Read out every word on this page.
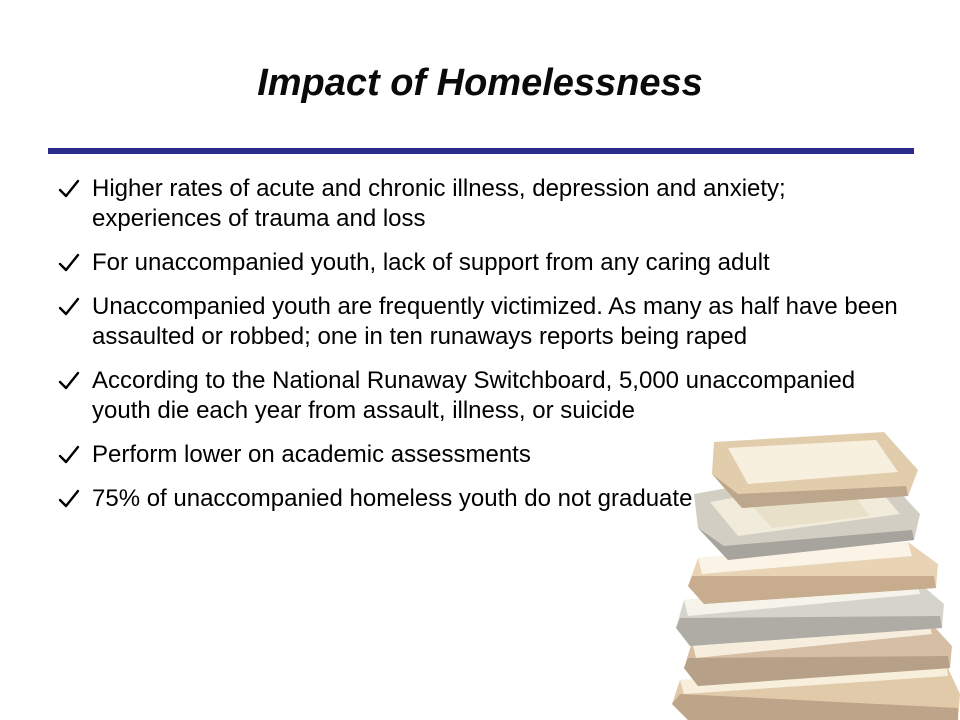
Impact of Homelessness
Higher rates of acute and chronic illness, depression and anxiety; experiences of trauma and loss
For unaccompanied youth, lack of support from any caring adult
Unaccompanied youth are frequently victimized. As many as half have been assaulted or robbed; one in ten runaways reports being raped
According to the National Runaway Switchboard, 5,000 unaccompanied youth die each year from assault, illness, or suicide
Perform lower on academic assessments
75% of unaccompanied homeless youth do not graduate
